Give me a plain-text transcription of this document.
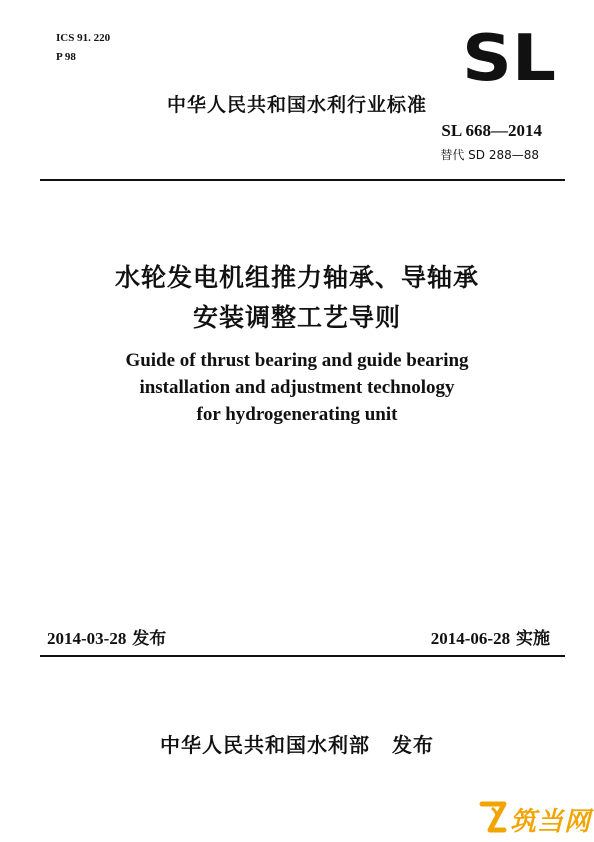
ICS 91. 220
P 98	SL
中华人民共和国水利行业标准
SL 668—2014
替代 SD 288—88
水轮发电机组推力轴承、导轴承
安装调整工艺导则
Guide of thrust bearing and guide bearing
installation and adjustment technology
for hydrogenerating unit
2014-03-28 发布	2014-06-28 实施
中华人民共和国水利部 发布
筑当网
